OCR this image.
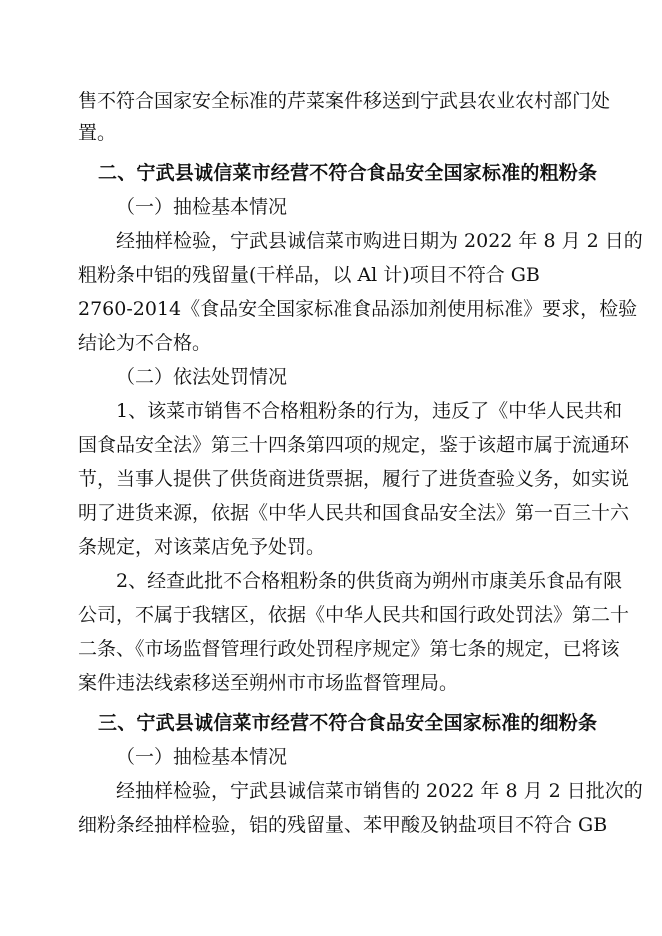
售不符合国家安全标准的芹菜案件移送到宁武县农业农村部门处
置。
二、宁武县诚信菜市经营不符合食品安全国家标准的粗粉条
（一）抽检基本情况
经抽样检验，宁武县诚信菜市购进日期为 2022 年 8 月 2 日的
粗粉条中铝的残留量(干样品，以 Al 计)项目不符合 GB
2760-2014《食品安全国家标准食品添加剂使用标准》要求，检验
结论为不合格。
（二）依法处罚情况
1、该菜市销售不合格粗粉条的行为，违反了《中华人民共和
国食品安全法》第三十四条第四项的规定，鉴于该超市属于流通环
节，当事人提供了供货商进货票据，履行了进货查验义务，如实说
明了进货来源，依据《中华人民共和国食品安全法》第一百三十六
条规定，对该菜店免予处罚。
2、经查此批不合格粗粉条的供货商为朔州市康美乐食品有限
公司，不属于我辖区，依据《中华人民共和国行政处罚法》第二十
二条、《市场监督管理行政处罚程序规定》第七条的规定，已将该
案件违法线索移送至朔州市市场监督管理局。
三、宁武县诚信菜市经营不符合食品安全国家标准的细粉条
（一）抽检基本情况
经抽样检验，宁武县诚信菜市销售的 2022 年 8 月 2 日批次的
细粉条经抽样检验，铝的残留量、苯甲酸及钠盐项目不符合 GB
